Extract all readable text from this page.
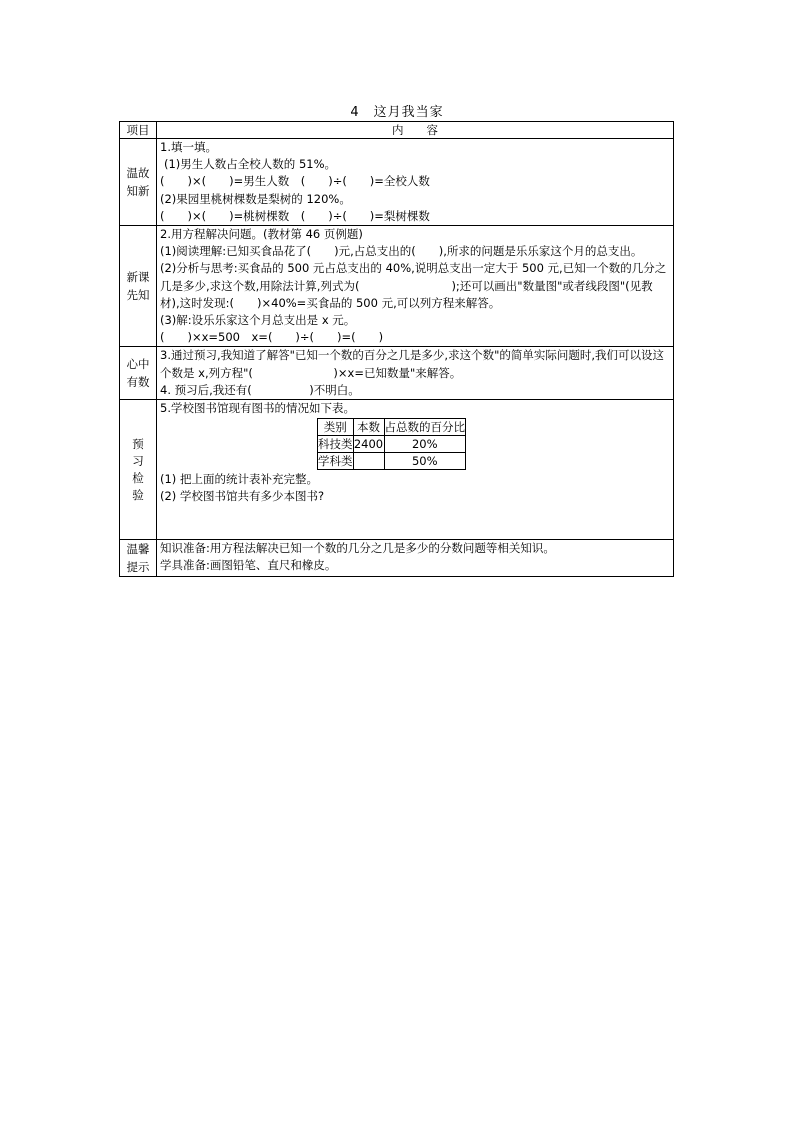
4　这月我当家
项目	内　　容
温故知新	
1.填一填。
(1)男生人数占全校人数的 51%。
(　　)×(　　)=男生人数　(　　)÷(　　)=全校人数
(2)果园里桃树棵数是梨树的 120%。
(　　)×(　　)=桃树棵数　(　　)÷(　　)=梨树棵数

新课先知	
2.用方程解决问题。(教材第 46 页例题)
(1)阅读理解:已知买食品花了(　　)元,占总支出的(　　),所求的问题是乐乐家这个月的总支出。
(2)分析与思考:买食品的 500 元占总支出的 40%,说明总支出一定大于 500 元,已知一个数的几分之几是多少,求这个数,用除法计算,列式为(　　　　　　　　);还可以画出"数量图"或者线段图"(见教材),这时发现:(　　)×40%=买食品的 500 元,可以列方程来解答。
(3)解:设乐乐家这个月总支出是 x 元。
(　　)×x=500　x=(　　)÷(　　)=(　　)

心中有数	
3.通过预习,我知道了解答"已知一个数的百分之几是多少,求这个数"的简单实际问题时,我们可以设这个数是 x,列方程"(　　　　　　　)×x=已知数量"来解答。
4. 预习后,我还有(　　　　　)不明白。

预习检验	
5.学校图书馆现有图书的情况如下表。
类别	本数	占总数的百分比
科技类	2400	20%
学科类		50%
(1) 把上面的统计表补充完整。
(2) 学校图书馆共有多少本图书?

温馨提示	
知识准备:用方程法解决已知一个数的几分之几是多少的分数问题等相关知识。
学具准备:画图铅笔、直尺和橡皮。
